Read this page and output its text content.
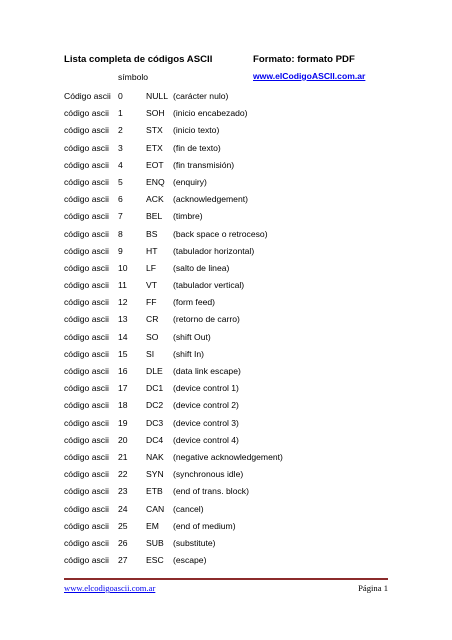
Lista completa de códigos ASCII	Formato: formato PDF
símbolo	www.elCodigoASCII.com.ar
Código ascii 0	NULL (carácter nulo)
código ascii 1	SOH (inicio encabezado)
código ascii 2	STX (inicio texto)
código ascii 3	ETX (fin de texto)
código ascii 4	EOT (fin transmisión)
código ascii 5	ENQ (enquiry)
código ascii 6	ACK (acknowledgement)
código ascii 7	BEL (timbre)
código ascii 8	BS (back space o retroceso)
código ascii 9	HT (tabulador horizontal)
código ascii 10 LF (salto de linea)
código ascii 11 VT (tabulador vertical)
código ascii 12 FF (form feed)
código ascii 13 CR (retorno de carro)
código ascii 14 SO (shift Out)
código ascii 15 SI (shift In)
código ascii 16 DLE (data link escape)
código ascii 17 DC1 (device control 1)
código ascii 18 DC2 (device control 2)
código ascii 19 DC3 (device control 3)
código ascii 20 DC4 (device control 4)
código ascii 21 NAK (negative acknowledgement)
código ascii 22 SYN (synchronous idle)
código ascii 23 ETB (end of trans. block)
código ascii 24 CAN (cancel)
código ascii 25 EM (end of medium)
código ascii 26 SUB (substitute)
código ascii 27 ESC (escape)
www.elcodigoascii.com.ar	Página 1
